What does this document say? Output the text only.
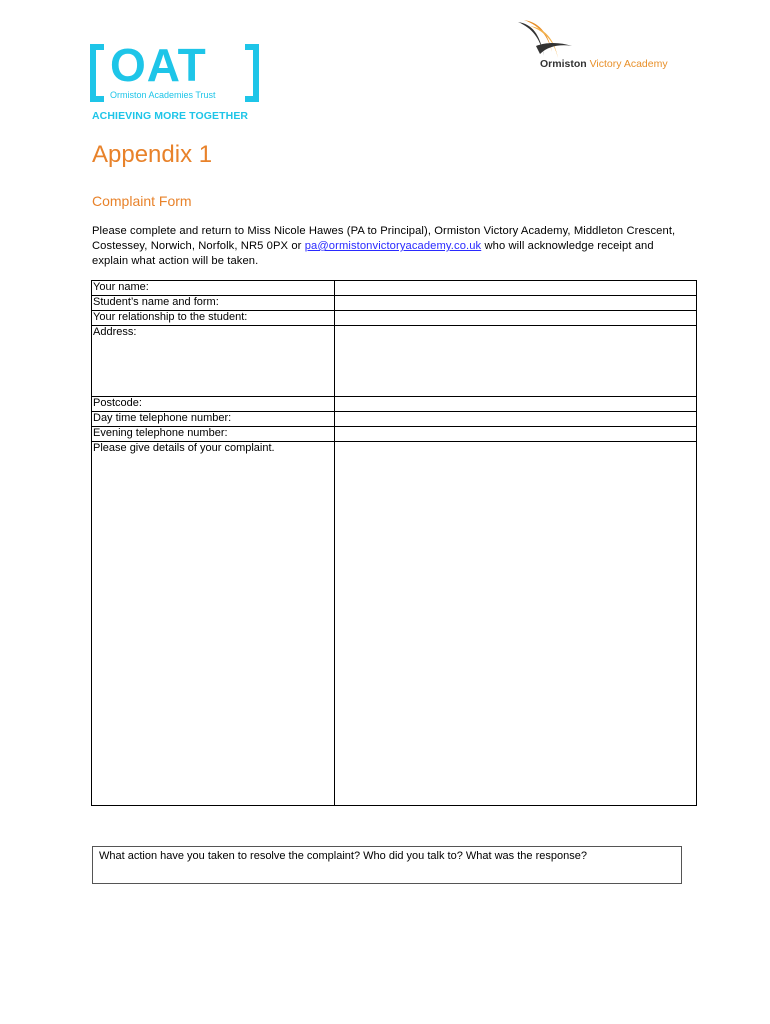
OAT
Ormiston Academies Trust
ACHIEVING MORE TOGETHER
Ormiston Victory Academy
Appendix 1
Complaint Form
Please complete and return to Miss Nicole Hawes (PA to Principal), Ormiston Victory Academy, Middleton Crescent, Costessey, Norwich, Norfolk, NR5 0PX or pa@ormistonvictoryacademy.co.uk who will acknowledge receipt and explain what action will be taken.
Your name:	
Student’s name and form:	
Your relationship to the student:	
Address:	
Postcode:	
Day time telephone number:	
Evening telephone number:	
Please give details of your complaint.	
What action have you taken to resolve the complaint? Who did you talk to? What was the response?
